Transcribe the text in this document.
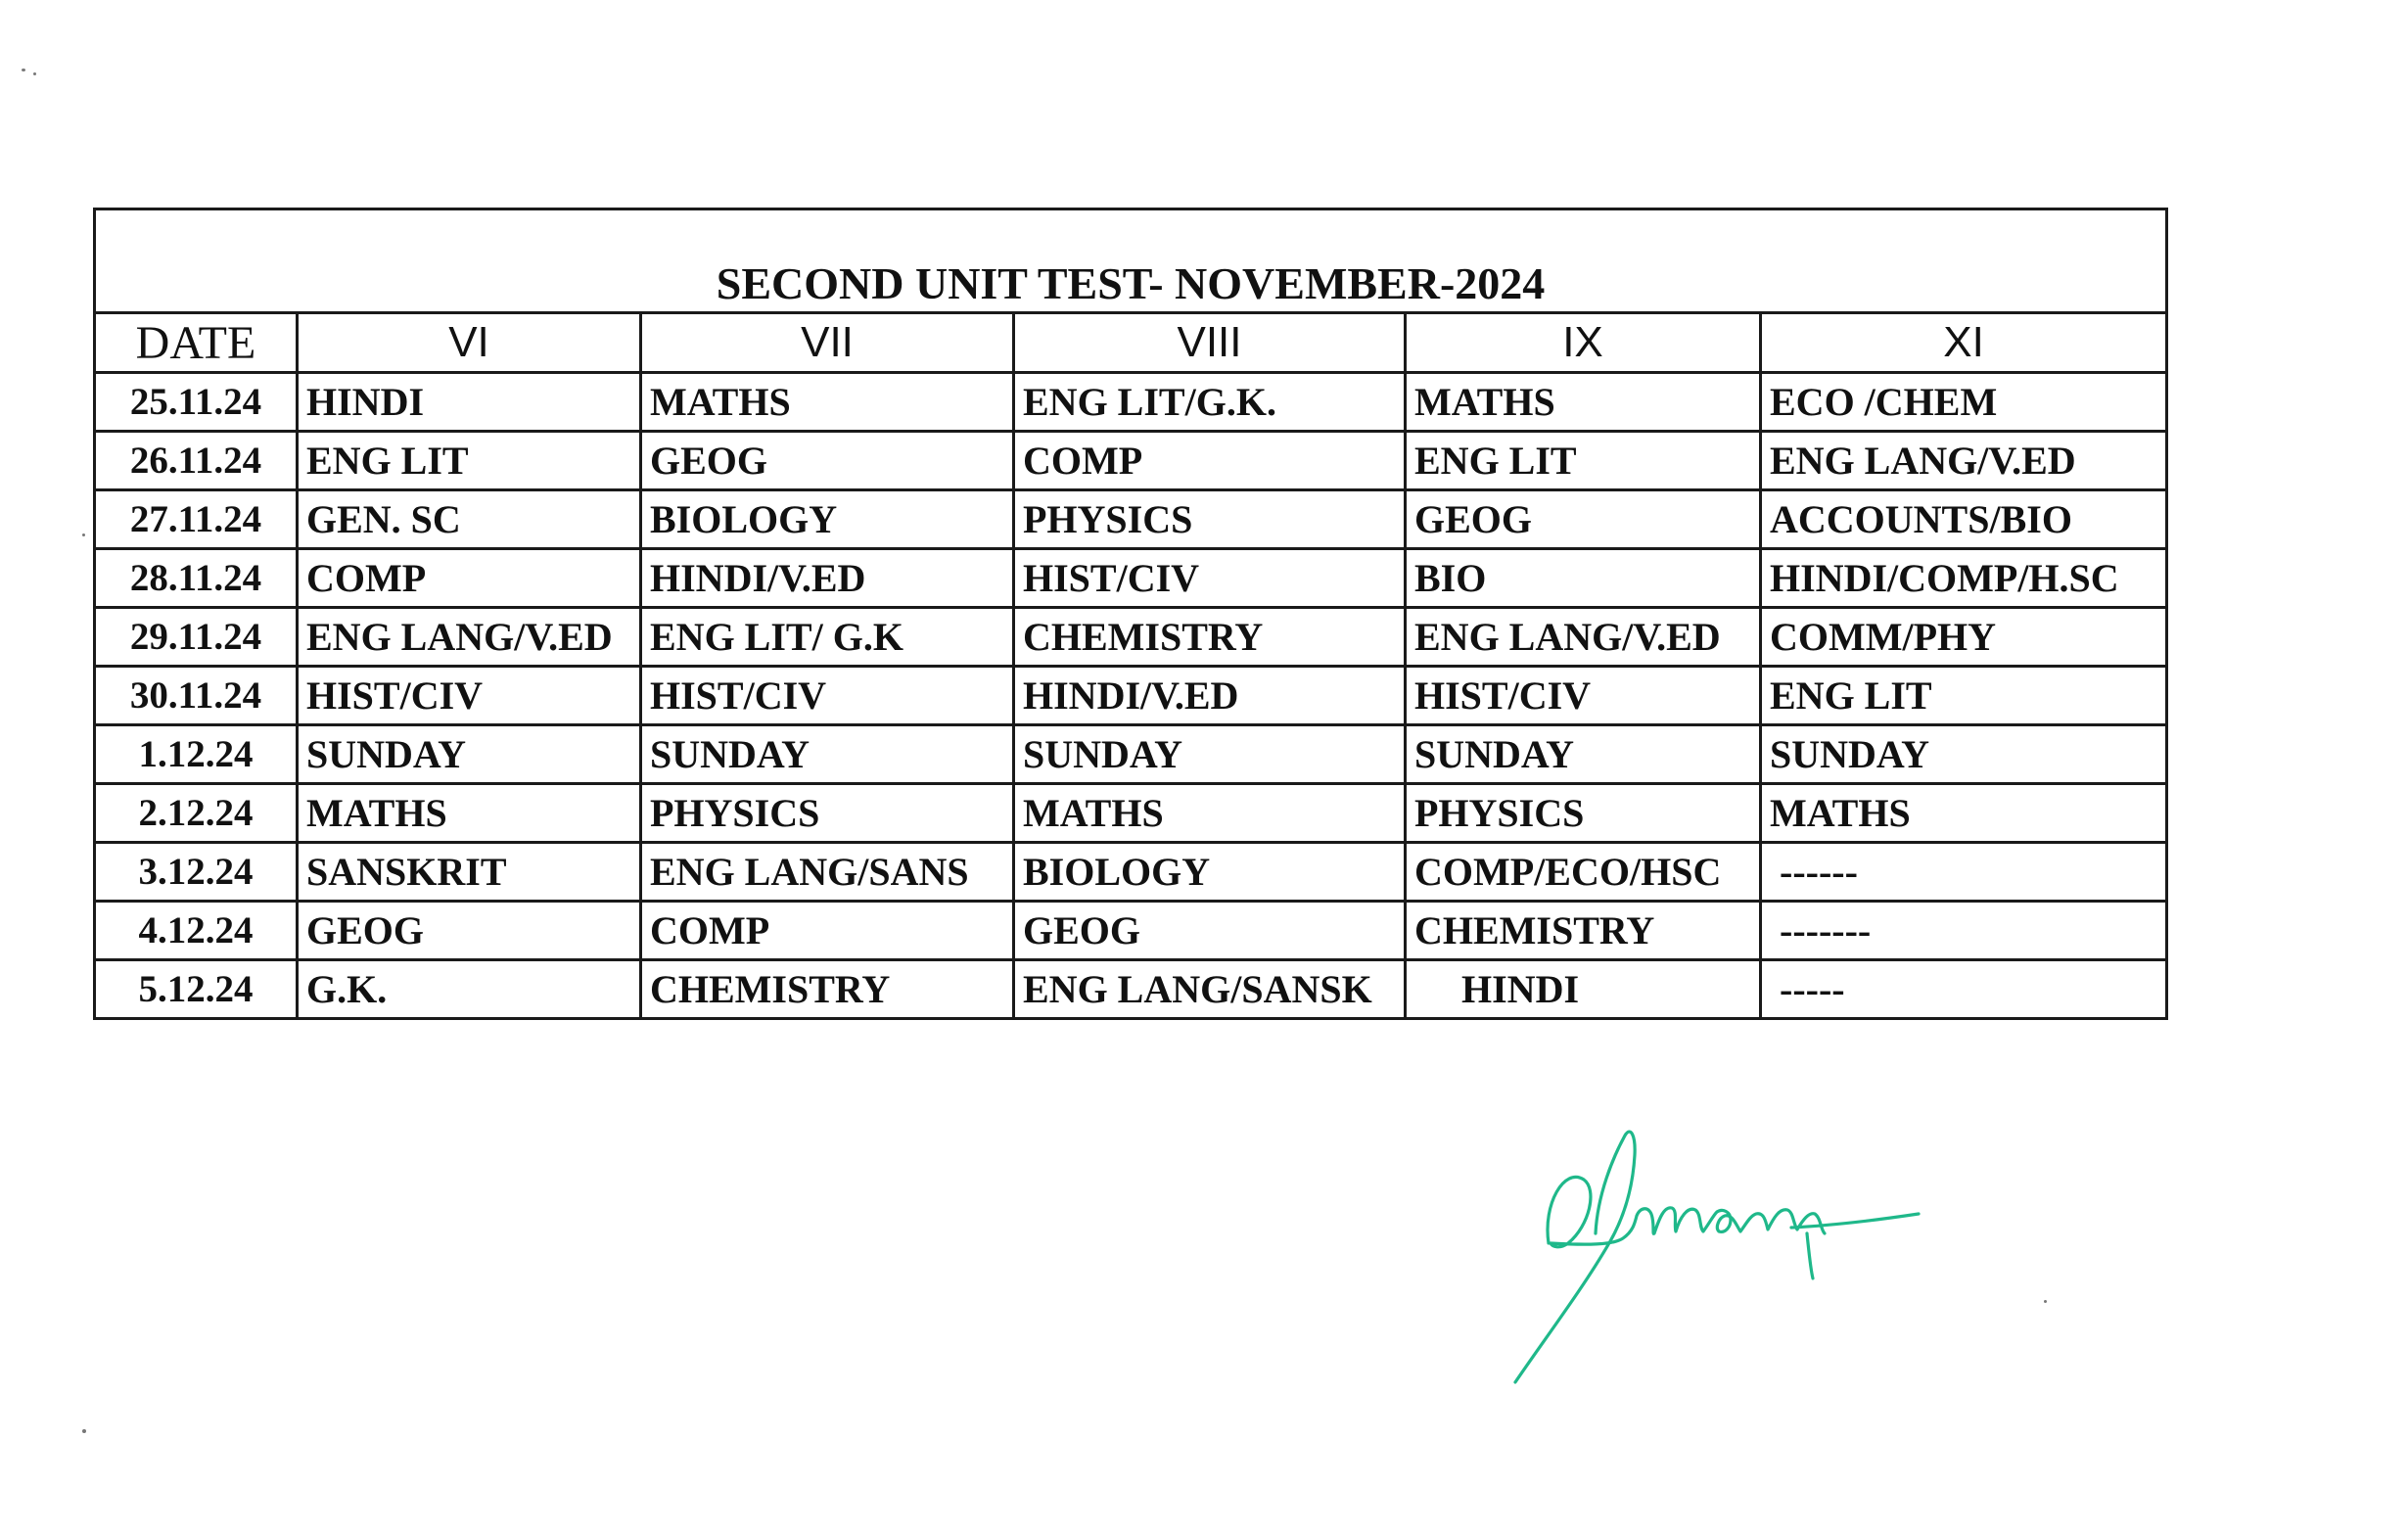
SECOND UNIT TEST- NOVEMBER-2024					
DATE	VI	VII	VIII	IX	XI
25.11.24	HINDI	MATHS	ENG LIT/G.K.	MATHS	ECO /CHEM
26.11.24	ENG LIT	GEOG	COMP	ENG LIT	ENG LANG/V.ED
27.11.24	GEN. SC	BIOLOGY	PHYSICS	GEOG	ACCOUNTS/BIO
28.11.24	COMP	HINDI/V.ED	HIST/CIV	BIO	HINDI/COMP/H.SC
29.11.24	ENG LANG/V.ED	ENG LIT/ G.K	CHEMISTRY	ENG LANG/V.ED	COMM/PHY
30.11.24	HIST/CIV	HIST/CIV	HINDI/V.ED	HIST/CIV	ENG LIT
1.12.24	SUNDAY	SUNDAY	SUNDAY	SUNDAY	SUNDAY
2.12.24	MATHS	PHYSICS	MATHS	PHYSICS	MATHS
3.12.24	SANSKRIT	ENG LANG/SANS	BIOLOGY	COMP/ECO/HSC	------
4.12.24	GEOG	COMP	GEOG	CHEMISTRY	-------
5.12.24	G.K.	CHEMISTRY	ENG LANG/SANSK	HINDI	-----
